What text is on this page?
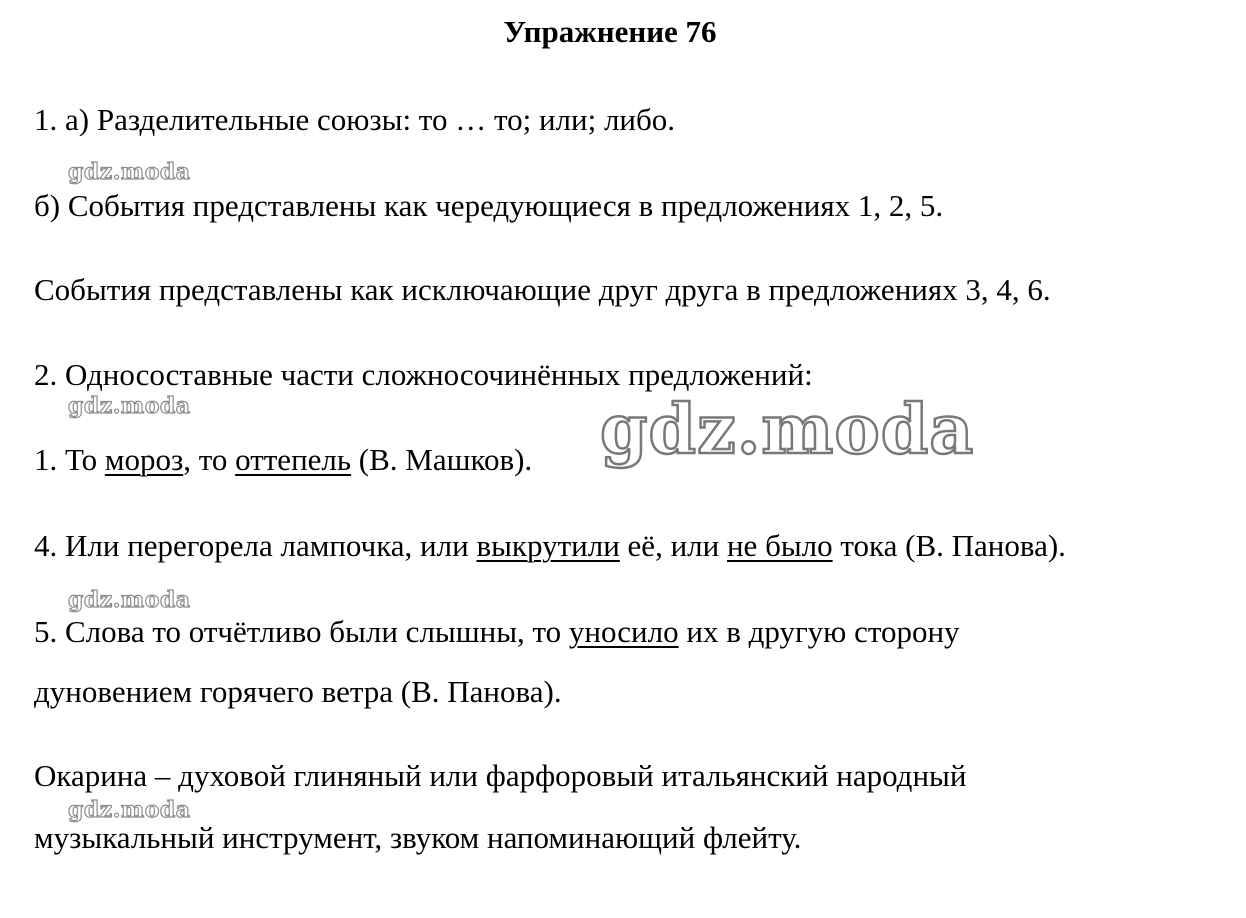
Упражнение 76
1. а) Разделительные союзы: то … то; или; либо.
gdz.moda
б) События представлены как чередующиеся в предложениях 1, 2, 5.
События представлены как исключающие друг друга в предложениях 3, 4, 6.
2. Односоставные части сложносочинённых предложений:
gdz.moda
1. То мороз, то оттепель (В. Машков). gdz.moda
4. Или перегорела лампочка, или выкрутили её, или не было тока (В. Панова).
gdz.moda
5. Слова то отчётливо были слышны, то уносило их в другую сторону
дуновением горячего ветра (В. Панова).
Окарина – духовой глиняный или фарфоровый итальянский народный
gdz.moda
музыкальный инструмент, звуком напоминающий флейту.
